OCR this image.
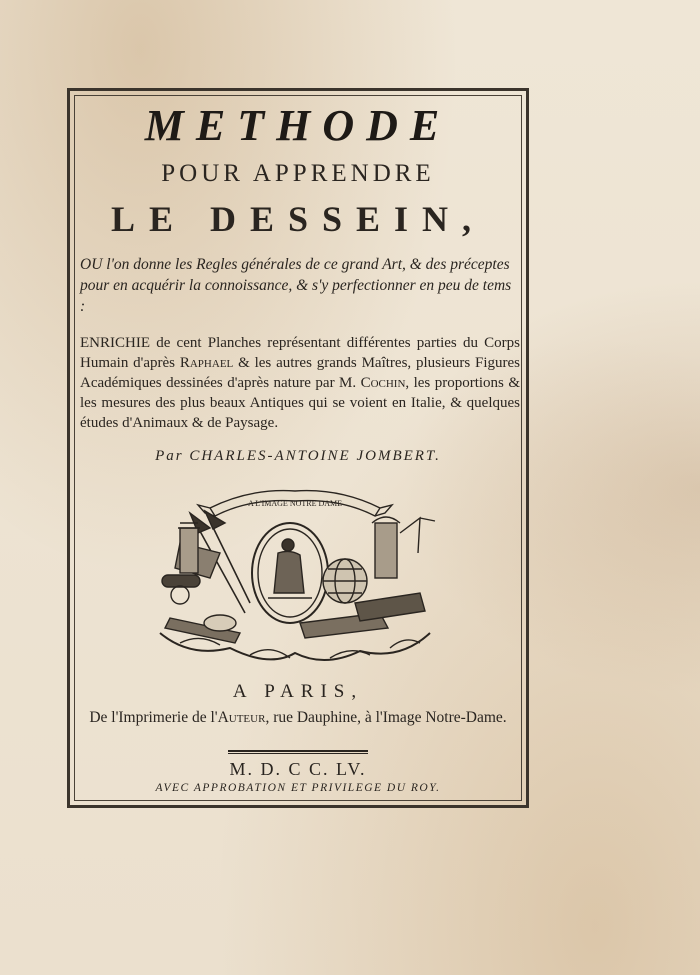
METHODE
POUR APPRENDRE
LE DESSEIN,
OU l'on donne les Regles générales de ce grand Art, & des préceptes pour en acquérir la connoissance, & s'y perfectionner en peu de tems :
ENRICHIE de cent Planches représentant différentes parties du Corps Humain d'après Raphael & les autres grands Maîtres, plusieurs Figures Académiques dessinées d'après nature par M. Cochin, les proportions & les mesures des plus beaux Antiques qui se voient en Italie, & quelques études d'Animaux & de Paysage.
Par CHARLES-ANTOINE JOMBERT.
A L'IMAGE NOTRE DAME
A PARIS,
De l'Imprimerie de l'Auteur, rue Dauphine, à l'Image Notre-Dame.
M. D. C C. LV.
AVEC APPROBATION ET PRIVILEGE DU ROY.
